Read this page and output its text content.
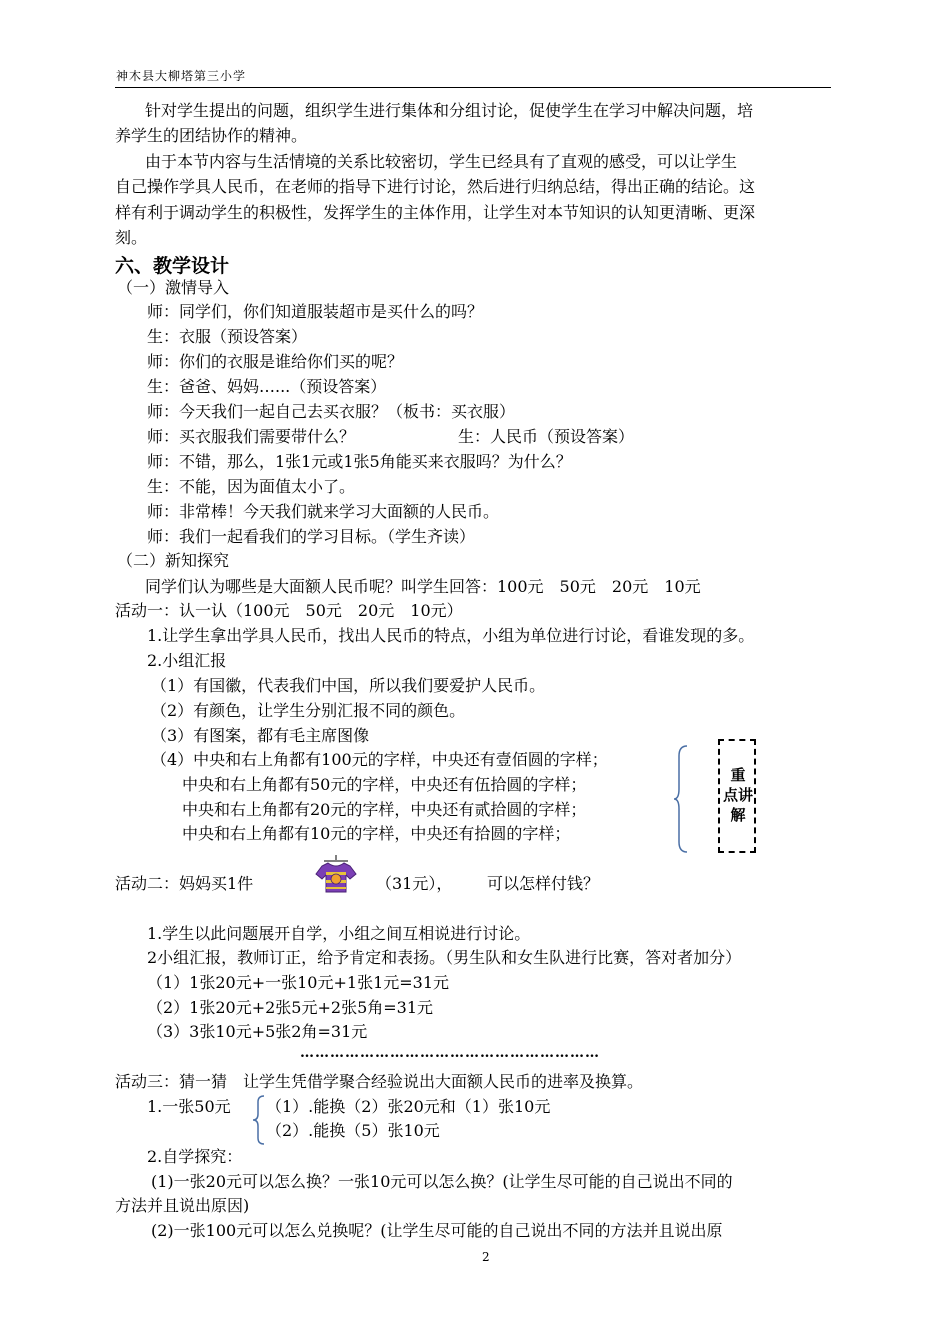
神木县大柳塔第三小学
针对学生提出的问题，组织学生进行集体和分组讨论，促使学生在学习中解决问题，培
养学生的团结协作的精神。
由于本节内容与生活情境的关系比较密切，学生已经具有了直观的感受，可以让学生
自己操作学具人民币，在老师的指导下进行讨论，然后进行归纳总结，得出正确的结论。这
样有利于调动学生的积极性，发挥学生的主体作用，让学生对本节知识的认知更清晰、更深
刻。
六、教学设计
（一）激情导入
师：同学们，你们知道服装超市是买什么的吗？
生：衣服（预设答案）
师：你们的衣服是谁给你们买的呢？
生：爸爸、妈妈…...（预设答案）
师：今天我们一起自己去买衣服？（板书：买衣服）
师：买衣服我们需要带什么？	生：人民币（预设答案）
师：不错，那么，1张1元或1张5角能买来衣服吗？为什么？
生：不能，因为面值太小了。
师：非常棒！今天我们就来学习大面额的人民币。
师：我们一起看我们的学习目标。（学生齐读）
（二）新知探究
同学们认为哪些是大面额人民币呢？叫学生回答：100元　50元　20元　10元
活动一：认一认（100元　50元　20元　10元）
1.让学生拿出学具人民币，找出人民币的特点，小组为单位进行讨论，看谁发现的多。
2.小组汇报
（1）有国徽，代表我们中国，所以我们要爱护人民币。
（2）有颜色，让学生分别汇报不同的颜色。
（3）有图案，都有毛主席图像
（4）中央和右上角都有100元的字样，中央还有壹佰圆的字样；
中央和右上角都有50元的字样，中央还有伍拾圆的字样；
中央和右上角都有20元的字样，中央还有贰拾圆的字样；
中央和右上角都有10元的字样，中央还有拾圆的字样；
重 点讲解
活动二：妈妈买1件	（31元）， 可以怎样付钱？
1.学生以此问题展开自学，小组之间互相说进行讨论。
2小组汇报，教师订正，给予肯定和表扬。（男生队和女生队进行比赛，答对者加分）
（1）1张20元+一张10元+1张1元=31元
（2）1张20元+2张5元+2张5角=31元
（3）3张10元+5张2角=31元
……………………………………………………
活动三：猜一猜　让学生凭借学聚合经验说出大面额人民币的进率及换算。
1.一张50元 （1）.能换（2）张20元和（1）张10元
（2）.能换（5）张10元
2.自学探究：
(1)一张20元可以怎么换？一张10元可以怎么换？(让学生尽可能的自己说出不同的
方法并且说出原因)
(2)一张100元可以怎么兑换呢？(让学生尽可能的自己说出不同的方法并且说出原
2
